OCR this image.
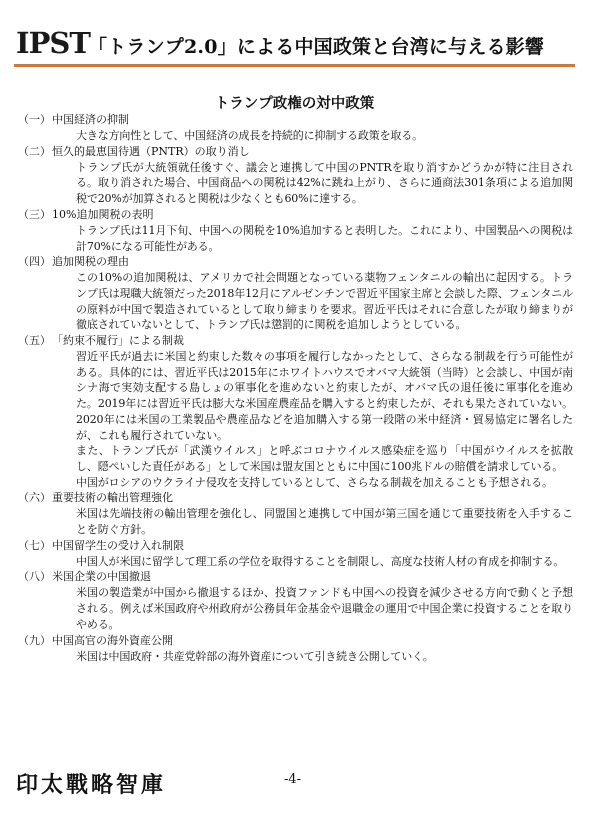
IPST
「トランプ2.0」による中国政策と台湾に与える影響
トランプ政権の対中政策
（一） 中国経済の抑制

大きな方向性として、中国経済の成長を持続的に抑制する政策を取る。

（二） 恒久的最恵国待遇（PNTR）の取り消し

トランプ氏が大統領就任後すぐ、議会と連携して中国のPNTRを取り消すかどうかが特に注目される。取り消された場合、中国商品への関税は42%に跳ね上がり、さらに通商法301条項による追加関税で20%が加算されると関税は少なくとも60%に達する。

（三） 10%追加関税の表明

トランプ氏は11月下旬、中国への関税を10%追加すると表明した。これにより、中国製品への関税は計70%になる可能性がある。

（四） 追加関税の理由

この10%の追加関税は、アメリカで社会問題となっている薬物フェンタニルの輸出に起因する。トランプ氏は現職大統領だった2018年12月にアルゼンチンで習近平国家主席と会談した際、フェンタニルの原料が中国で製造されているとして取り締まりを要求。習近平氏はそれに合意したが取り締まりが徹底されていないとして、トランプ氏は懲罰的に関税を追加しようとしている。

（五） 「約束不履行」による制裁

習近平氏が過去に米国と約束した数々の事項を履行しなかったとして、さらなる制裁を行う可能性がある。具体的には、習近平氏は2015年にホワイトハウスでオバマ大統領（当時）と会談し、中国が南シナ海で実効支配する島しょの軍事化を進めないと約束したが、オバマ氏の退任後に軍事化を進めた。2019年には習近平氏は膨大な米国産農産品を購入すると約束したが、それも果たされていない。2020年には米国の工業製品や農産品などを追加購入する第一段階の米中経済・貿易協定に署名したが、これも履行されていない。

また、トランプ氏が「武漢ウイルス」と呼ぶコロナウイルス感染症を巡り「中国がウイルスを拡散し、隠ぺいした責任がある」として米国は盟友国とともに中国に100兆ドルの賠償を請求している。

中国がロシアのウクライナ侵攻を支持しているとして、さらなる制裁を加えることも予想される。

（六） 重要技術の輸出管理強化

米国は先端技術の輸出管理を強化し、同盟国と連携して中国が第三国を通じて重要技術を入手することを防ぐ方針。

（七） 中国留学生の受け入れ制限

中国人が米国に留学して理工系の学位を取得することを制限し、高度な技術人材の育成を抑制する。

（八） 米国企業の中国撤退

米国の製造業が中国から撤退するほか、投資ファンドも中国への投資を減少させる方向で動くと予想される。例えば米国政府や州政府が公務員年金基金や退職金の運用で中国企業に投資することを取りやめる。

（九） 中国高官の海外資産公開

米国は中国政府・共産党幹部の海外資産について引き続き公開していく。

印太戰略智庫	-4-
